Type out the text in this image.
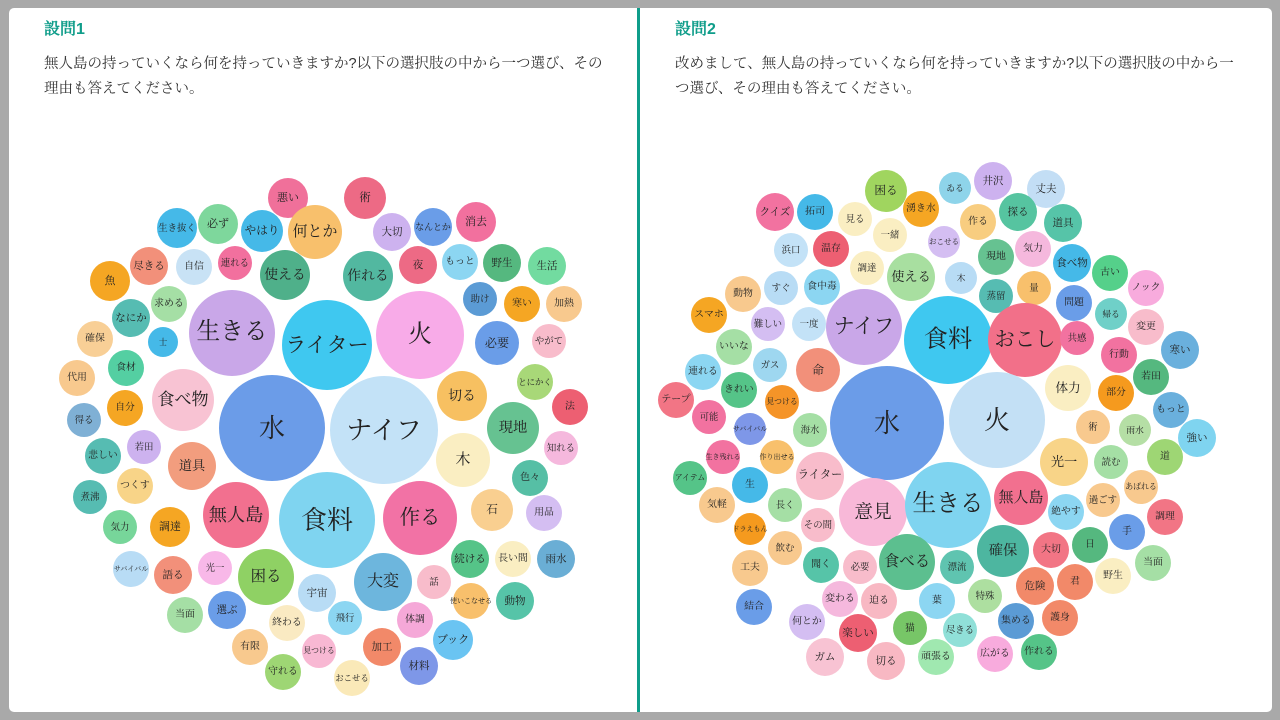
設問1

無人島の持っていくなら何を持っていきますか?以下の選択肢の中から一つ選び、その理由も答えてください。

悪い	術
生き抜く	必ず
やはり 何とか	大切	なんとか	消去
尽きる	自信	連れる
使える
夜	もっと	野生	生活
魚
求める
作れる
助け	寒い	加熱
なにか
生きる ライター	火	必要	やがて
確保	士
食材
代用	とにかく
自分
得る
食べ物
水	ナイフ
切る
現地
法
知れる
若田
悲しい	木
色々
道具
つくす
煮沸
石	用品
無人島	食料	作る
気力	調達
サバイバル	語る
光一
困る
宇宙
続ける	長い間	雨水
大変	話
当面	選ぶ
終わる
使いこなせる	動物
有限	見つける
飛行	体調
加工
ブック
守れる	材料
おこせる
設問2

改めまして、無人島の持っていくなら何を持っていきますか?以下の選択肢の中から一つ選び、その理由も答えてください。

困る	ゐる
井沢
丈夫
クイズ	拓司
見る
湧き水	探る
道具
一緒
浜口	温存
調達
おこせる
作る
使える
気力
現地
食べ物
古い
スマホ
動物
すぐ	食中毒
木
蒸留
量
問題
ノック
帰る
変更
難しい	一度 ナイフ	食料	おこし	共感
行動	寒い
いいな
ガス	命
連れる
きれい
テープ	見つける
体力
若田
部分
もっと
可能
サバイバル	海水	水	火	術	雨水
強い
生き残れる	作り出せる
ライター
光一	読む	道
アイテム
生
意見 生きる	無人島
絶やす
過ごす
あばれる
手
調理
気軽	長く
その間
ドラえもん
飲む
工夫	聞く	必要 食べる	漂流
確保	大切	日
当面
結合
変わる	迫る	葉	特殊
危険	君
野生
何とか
楽しい	猫
集める	護身
尽きる
ガム	切る	頑張る	広がる	作れる
